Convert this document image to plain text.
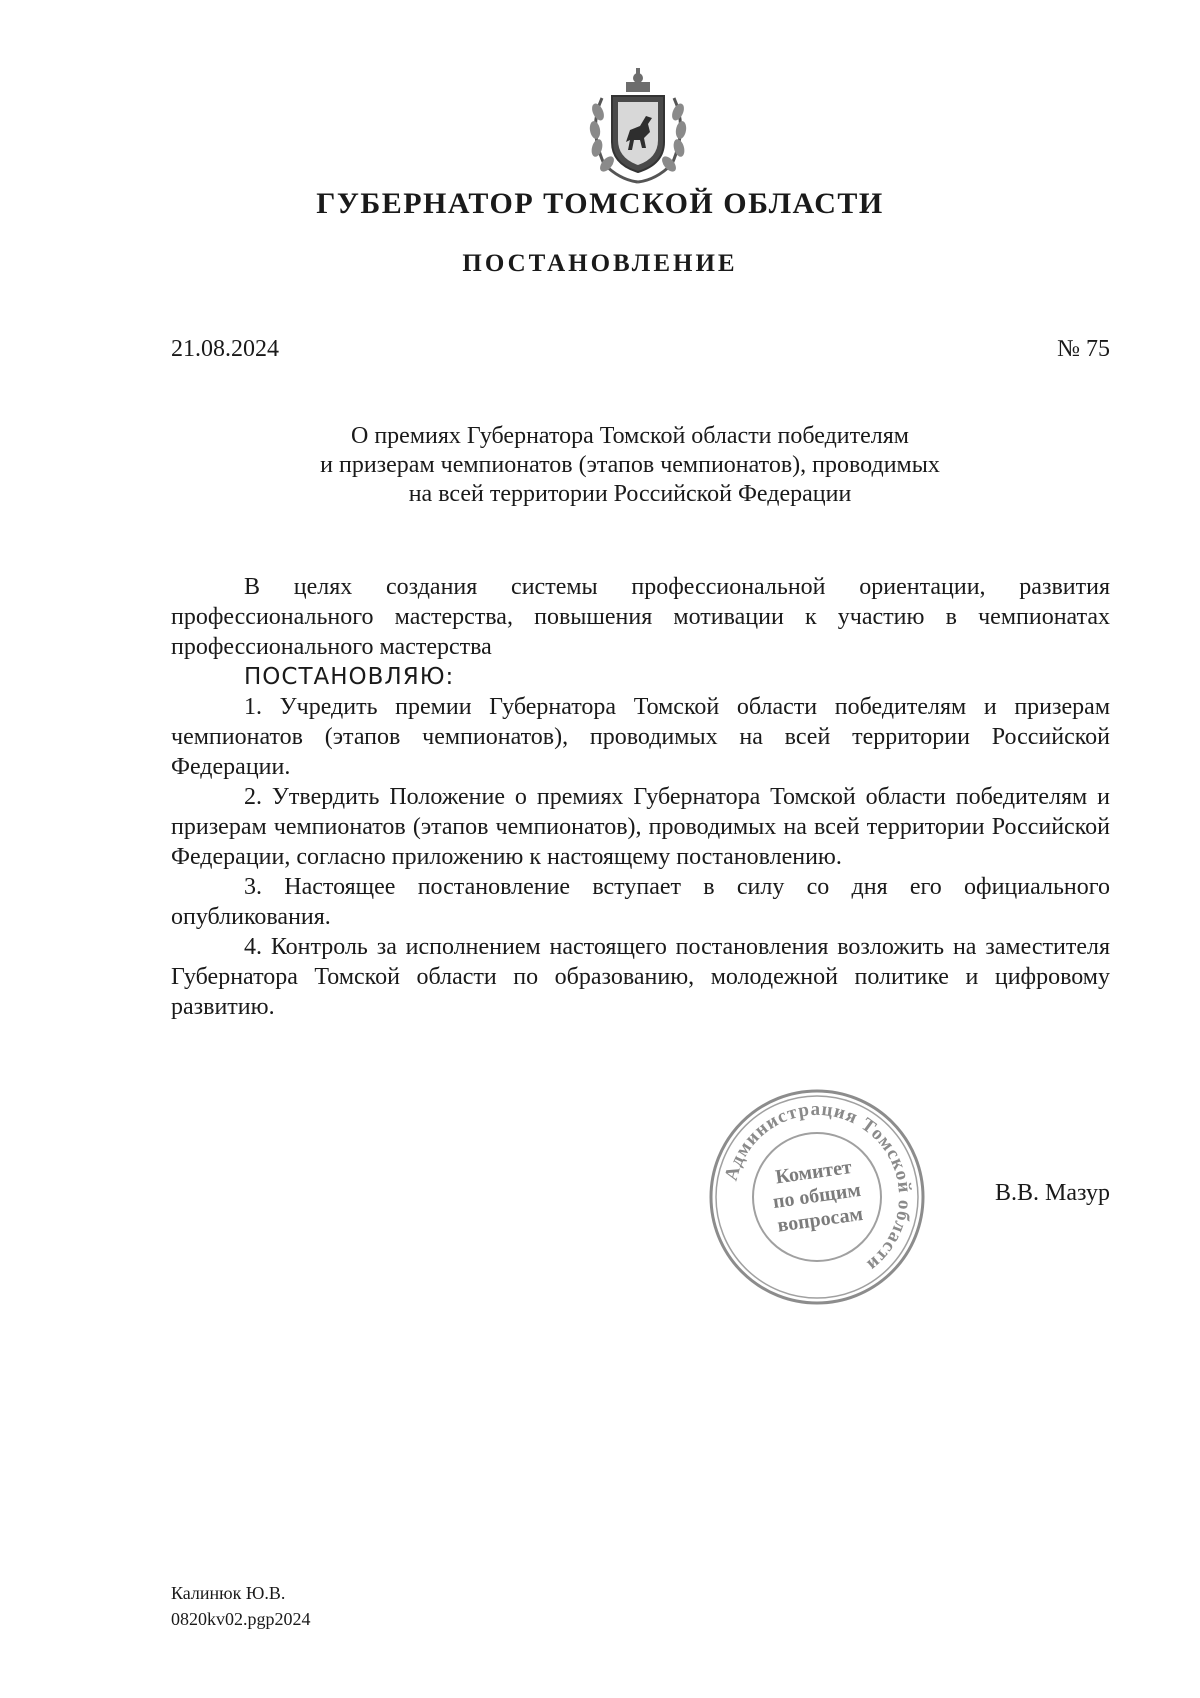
ГУБЕРНАТОР ТОМСКОЙ ОБЛАСТИ
ПОСТАНОВЛЕНИЕ
21.08.2024	№ 75
О премиях Губернатора Томской области победителям
и призерам чемпионатов (этапов чемпионатов), проводимых
на всей территории Российской Федерации

В целях создания системы профессиональной ориентации, развития профессионального мастерства, повышения мотивации к участию в чемпионатах профессионального мастерства

ПОСТАНОВЛЯЮ:

1. Учредить премии Губернатора Томской области победителям и призерам чемпионатов (этапов чемпионатов), проводимых на всей территории Российской Федерации.

2. Утвердить Положение о премиях Губернатора Томской области победителям и призерам чемпионатов (этапов чемпионатов), проводимых на всей территории Российской Федерации, согласно приложению к настоящему постановлению.

3. Настоящее постановление вступает в силу со дня его официального опубликования.

4. Контроль за исполнением настоящего постановления возложить на заместителя Губернатора Томской области по образованию, молодежной политике и цифровому развитию.

Администрация Томской области
Комитет
по общим
вопросам
В.В. Мазур
Калинюк Ю.В.
0820kv02.pgp2024
